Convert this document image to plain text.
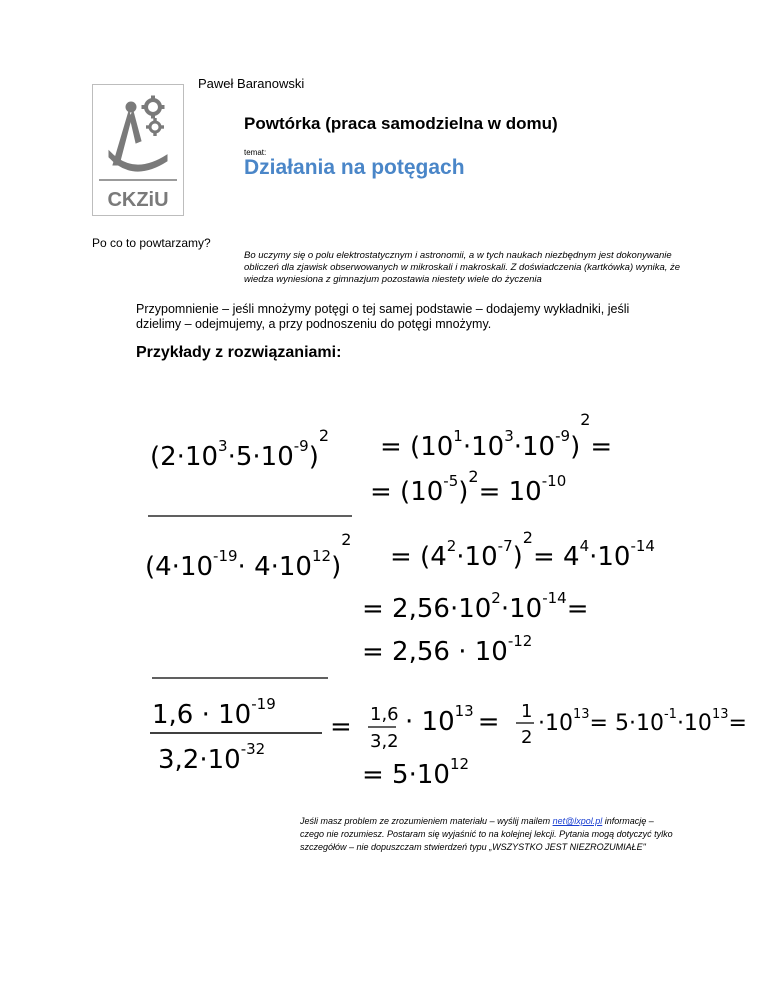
Paweł Baranowski
CKZiU
Powtórka (praca samodzielna w domu)
temat:
Działania na potęgach
Po co to powtarzamy?
Bo uczymy się o polu elektrostatycznym i astronomii, a w tych naukach niezbędnym jest dokonywanie obliczeń dla zjawisk obserwowanych w mikroskali i makroskali. Z doświadczenia (kartkówka) wynika, że wiedza wyniesiona z gimnazjum pozostawia niestety wiele do życzenia
Przypomnienie – jeśli mnożymy potęgi o tej samej podstawie – dodajemy wykładniki, jeśli dzielimy – odejmujemy, a przy podnoszeniu do potęgi mnożymy.
Przykłady z rozwiązaniami:
$(2\cdot 10^3\cdot 5\cdot 10^{-9})^2 = (10^1\cdot 10^3\cdot 10^{-9})^2=$
= $(10^{-5})^2= 10^{-10}$
$(4\cdot 10^{-19}\cdot 4\cdot 10^{12})^2$
= $(4^2\cdot 10^{-7})^2= 4^4\cdot 10^{-14}$
= $2,56\cdot 10^2\cdot 10^{-14}=$
= $2,56 \cdot 10^{-12}$
$1,6 \cdot 10^{-19}$
$3,2\cdot 10^{-32}$
= 1,6
3,2
· $10^{13} = 1$
2
$\cdot 10^{13}= 5\cdot 10^{-1}\cdot 10^{13}=$
= $5\cdot 10^{12}$
Jeśli masz problem ze zrozumieniem materiału – wyślij mailem net@lxpol.pl informację – czego nie rozumiesz. Postaram się wyjaśnić to na kolejnej lekcji. Pytania mogą dotyczyć tylko szczegółów – nie dopuszczam stwierdzeń typu „WSZYSTKO JEST NIEZROZUMIAŁE"
